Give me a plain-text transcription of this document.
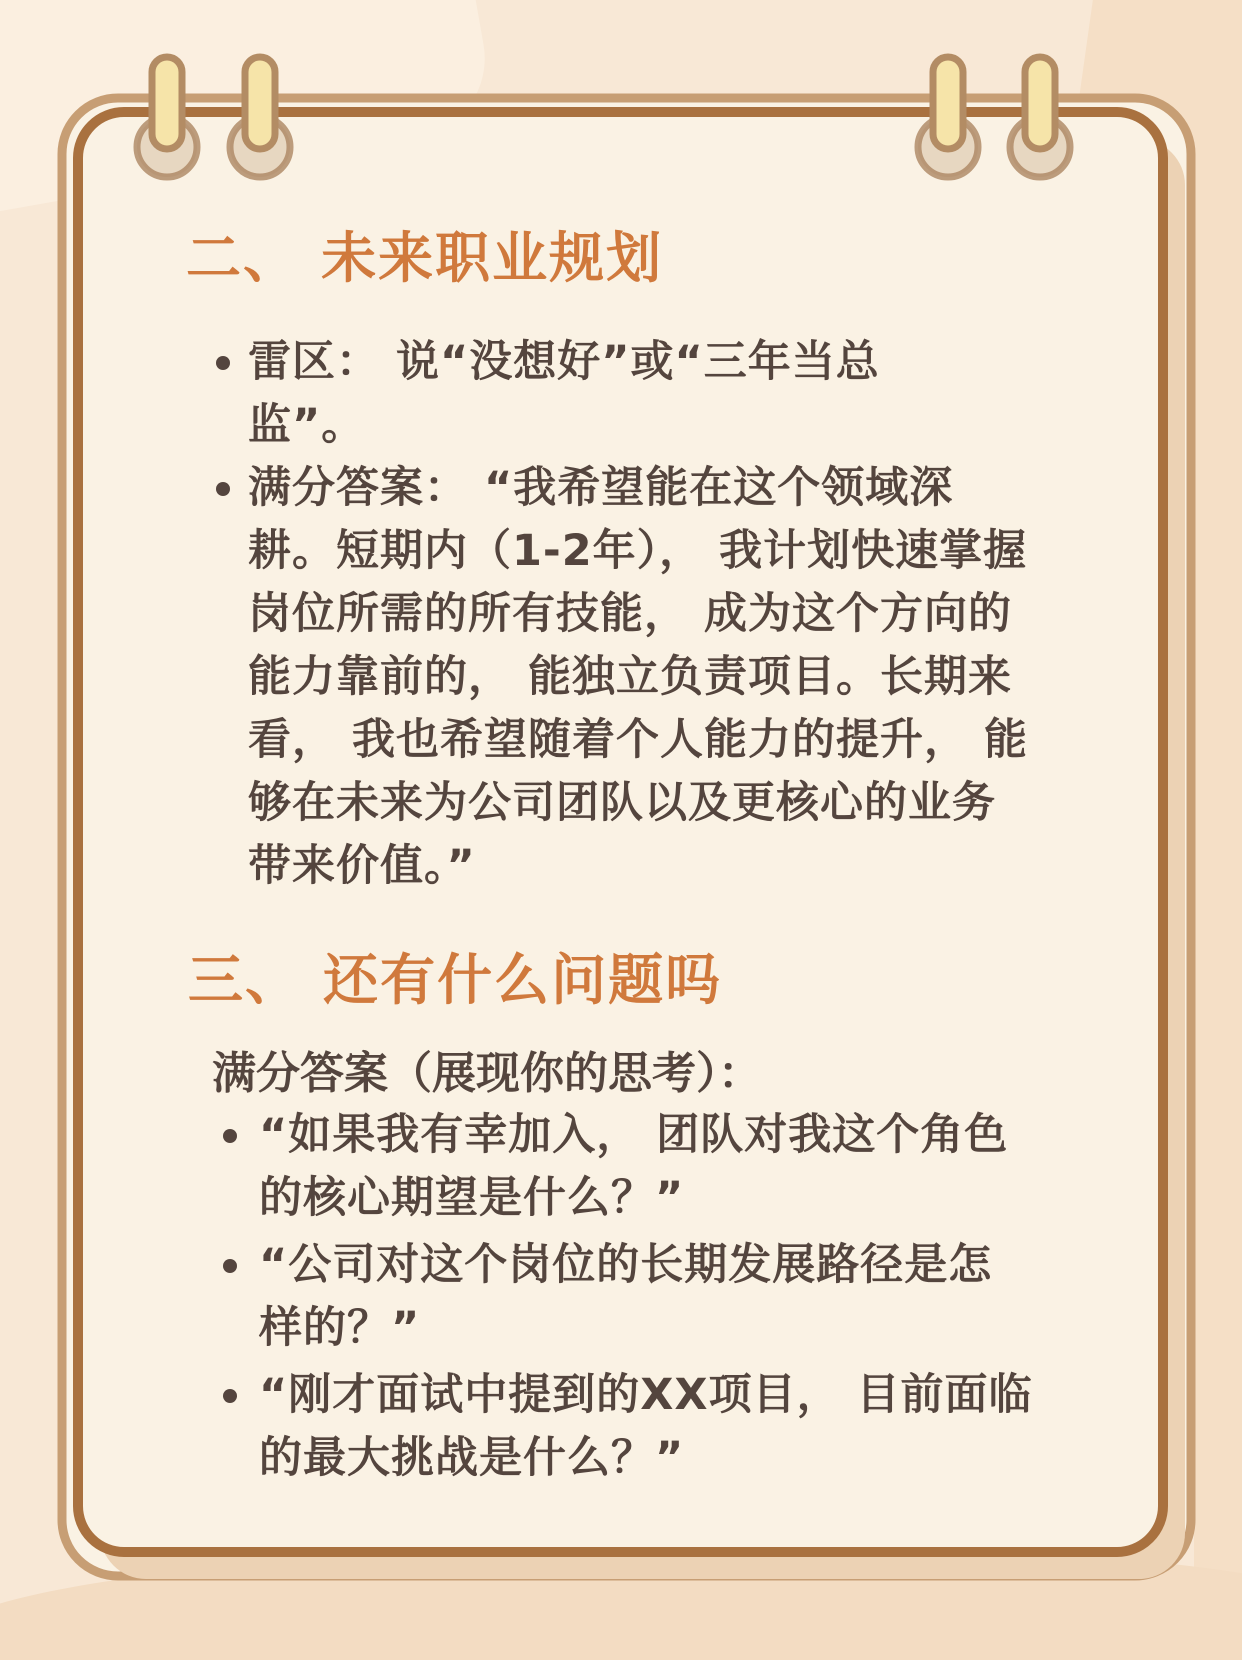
二、 未来职业规划
雷区： 说“没想好”或“三年当总
监”。
满分答案： “我希望能在这个领域深
耕。短期内（1-2年）， 我计划快速掌握
岗位所需的所有技能， 成为这个方向的
能力靠前的， 能独立负责项目。长期来
看， 我也希望随着个人能力的提升， 能
够在未来为公司团队以及更核心的业务
带来价值。”
三、 还有什么问题吗
满分答案（展现你的思考）：
“如果我有幸加入， 团队对我这个角色
的核心期望是什么？”
“公司对这个岗位的长期发展路径是怎
样的？”
“刚才面试中提到的XX项目， 目前面临
的最大挑战是什么？”
